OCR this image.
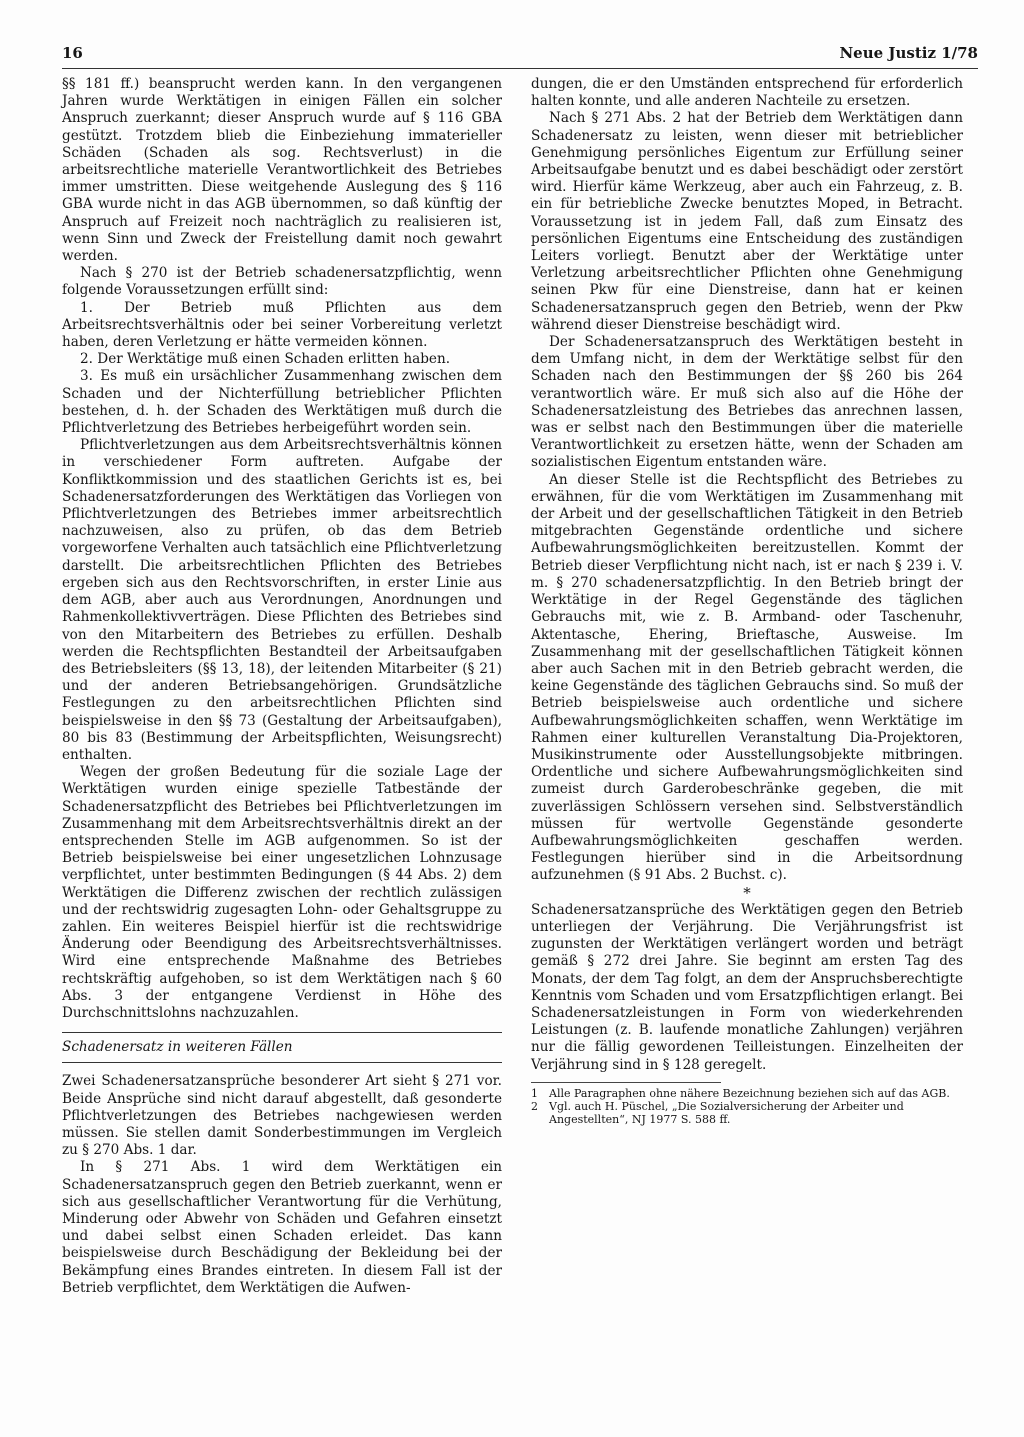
16	Neue Justiz 1/78

§§ 181 ff.) beansprucht werden kann. In den vergangenen Jahren wurde Werktätigen in einigen Fällen ein solcher Anspruch zuerkannt; dieser Anspruch wurde auf § 116 GBA gestützt. Trotzdem blieb die Einbeziehung immaterieller Schäden (Schaden als sog. Rechtsverlust) in die arbeitsrechtliche materielle Verantwortlichkeit des Betriebes immer umstritten. Diese weitgehende Auslegung des § 116 GBA wurde nicht in das AGB übernommen, so daß künftig der Anspruch auf Freizeit noch nachträglich zu realisieren ist, wenn Sinn und Zweck der Freistellung damit noch gewahrt werden.

Nach § 270 ist der Betrieb schadenersatzpflichtig, wenn folgende Voraussetzungen erfüllt sind:

1. Der Betrieb muß Pflichten aus dem Arbeitsrechtsverhältnis oder bei seiner Vorbereitung verletzt haben, deren Verletzung er hätte vermeiden können.

2. Der Werktätige muß einen Schaden erlitten haben.

3. Es muß ein ursächlicher Zusammenhang zwischen dem Schaden und der Nichterfüllung betrieblicher Pflichten bestehen, d. h. der Schaden des Werktätigen muß durch die Pflichtverletzung des Betriebes herbeigeführt worden sein.

Pflichtverletzungen aus dem Arbeitsrechtsverhältnis können in verschiedener Form auftreten. Aufgabe der Konfliktkommission und des staatlichen Gerichts ist es, bei Schadenersatzforderungen des Werktätigen das Vorliegen von Pflichtverletzungen des Betriebes immer arbeitsrechtlich nachzuweisen, also zu prüfen, ob das dem Betrieb vorgeworfene Verhalten auch tatsächlich eine Pflichtverletzung darstellt. Die arbeitsrechtlichen Pflichten des Betriebes ergeben sich aus den Rechtsvorschriften, in erster Linie aus dem AGB, aber auch aus Verordnungen, Anordnungen und Rahmenkollektivverträgen. Diese Pflichten des Betriebes sind von den Mitarbeitern des Betriebes zu erfüllen. Deshalb werden die Rechtspflichten Bestandteil der Arbeitsaufgaben des Betriebsleiters (§§ 13, 18), der leitenden Mitarbeiter (§ 21) und der anderen Betriebsangehörigen. Grundsätzliche Festlegungen zu den arbeitsrechtlichen Pflichten sind beispielsweise in den §§ 73 (Gestaltung der Arbeitsaufgaben), 80 bis 83 (Bestimmung der Arbeitspflichten, Weisungsrecht) enthalten.

Wegen der großen Bedeutung für die soziale Lage der Werktätigen wurden einige spezielle Tatbestände der Schadenersatzpflicht des Betriebes bei Pflichtverletzungen im Zusammenhang mit dem Arbeitsrechtsverhältnis direkt an der entsprechenden Stelle im AGB aufgenommen. So ist der Betrieb beispielsweise bei einer ungesetzlichen Lohnzusage verpflichtet, unter bestimmten Bedingungen (§ 44 Abs. 2) dem Werktätigen die Differenz zwischen der rechtlich zulässigen und der rechtswidrig zugesagten Lohn- oder Gehaltsgruppe zu zahlen. Ein weiteres Beispiel hierfür ist die rechtswidrige Änderung oder Beendigung des Arbeitsrechtsverhältnisses. Wird eine entsprechende Maßnahme des Betriebes rechtskräftig aufgehoben, so ist dem Werktätigen nach § 60 Abs. 3 der entgangene Verdienst in Höhe des Durchschnittslohns nachzuzahlen.

Schadenersatz in weiteren Fällen

Zwei Schadenersatzansprüche besonderer Art sieht § 271 vor. Beide Ansprüche sind nicht darauf abgestellt, daß gesonderte Pflichtverletzungen des Betriebes nachgewiesen werden müssen. Sie stellen damit Sonderbestimmungen im Vergleich zu § 270 Abs. 1 dar.

In § 271 Abs. 1 wird dem Werktätigen ein Schadenersatzanspruch gegen den Betrieb zuerkannt, wenn er sich aus gesellschaftlicher Verantwortung für die Verhütung, Minderung oder Abwehr von Schäden und Gefahren einsetzt und dabei selbst einen Schaden erleidet. Das kann beispielsweise durch Beschädigung der Bekleidung bei der Bekämpfung eines Brandes eintreten. In diesem Fall ist der Betrieb verpflichtet, dem Werktätigen die Aufwen-

dungen, die er den Umständen entsprechend für erforderlich halten konnte, und alle anderen Nachteile zu ersetzen.

Nach § 271 Abs. 2 hat der Betrieb dem Werktätigen dann Schadenersatz zu leisten, wenn dieser mit betrieblicher Genehmigung persönliches Eigentum zur Erfüllung seiner Arbeitsaufgabe benutzt und es dabei beschädigt oder zerstört wird. Hierfür käme Werkzeug, aber auch ein Fahrzeug, z. B. ein für betriebliche Zwecke benutztes Moped, in Betracht. Voraussetzung ist in jedem Fall, daß zum Einsatz des persönlichen Eigentums eine Entscheidung des zuständigen Leiters vorliegt. Benutzt aber der Werktätige unter Verletzung arbeitsrechtlicher Pflichten ohne Genehmigung seinen Pkw für eine Dienstreise, dann hat er keinen Schadenersatzanspruch gegen den Betrieb, wenn der Pkw während dieser Dienstreise beschädigt wird.

Der Schadenersatzanspruch des Werktätigen besteht in dem Umfang nicht, in dem der Werktätige selbst für den Schaden nach den Bestimmungen der §§ 260 bis 264 verantwortlich wäre. Er muß sich also auf die Höhe der Schadenersatzleistung des Betriebes das anrechnen lassen, was er selbst nach den Bestimmungen über die materielle Verantwortlichkeit zu ersetzen hätte, wenn der Schaden am sozialistischen Eigentum entstanden wäre.

An dieser Stelle ist die Rechtspflicht des Betriebes zu erwähnen, für die vom Werktätigen im Zusammenhang mit der Arbeit und der gesellschaftlichen Tätigkeit in den Betrieb mitgebrachten Gegenstände ordentliche und sichere Aufbewahrungsmöglichkeiten bereitzustellen. Kommt der Betrieb dieser Verpflichtung nicht nach, ist er nach § 239 i. V. m. § 270 schadenersatzpflichtig. In den Betrieb bringt der Werktätige in der Regel Gegenstände des täglichen Gebrauchs mit, wie z. B. Armband- oder Taschenuhr, Aktentasche, Ehering, Brieftasche, Ausweise. Im Zusammenhang mit der gesellschaftlichen Tätigkeit können aber auch Sachen mit in den Betrieb gebracht werden, die keine Gegenstände des täglichen Gebrauchs sind. So muß der Betrieb beispielsweise auch ordentliche und sichere Aufbewahrungsmöglichkeiten schaffen, wenn Werktätige im Rahmen einer kulturellen Veranstaltung Dia-Projektoren, Musikinstrumente oder Ausstellungsobjekte mitbringen. Ordentliche und sichere Aufbewahrungsmöglichkeiten sind zumeist durch Garderobeschränke gegeben, die mit zuverlässigen Schlössern versehen sind. Selbstverständlich müssen für wertvolle Gegenstände gesonderte Aufbewahrungsmöglichkeiten geschaffen werden. Festlegungen hierüber sind in die Arbeitsordnung aufzunehmen (§ 91 Abs. 2 Buchst. c).

*

Schadenersatzansprüche des Werktätigen gegen den Betrieb unterliegen der Verjährung. Die Verjährungsfrist ist zugunsten der Werktätigen verlängert worden und beträgt gemäß § 272 drei Jahre. Sie beginnt am ersten Tag des Monats, der dem Tag folgt, an dem der Anspruchsberechtigte Kenntnis vom Schaden und vom Ersatzpflichtigen erlangt. Bei Schadenersatzleistungen in Form von wiederkehrenden Leistungen (z. B. laufende monatliche Zahlungen) verjähren nur die fällig gewordenen Teilleistungen. Einzelheiten der Verjährung sind in § 128 geregelt.

1	Alle Paragraphen ohne nähere Bezeichnung beziehen sich auf das AGB.
2	Vgl. auch H. Püschel, „Die Sozialversicherung der Arbeiter und Angestellten“, NJ 1977 S. 588 ff.
